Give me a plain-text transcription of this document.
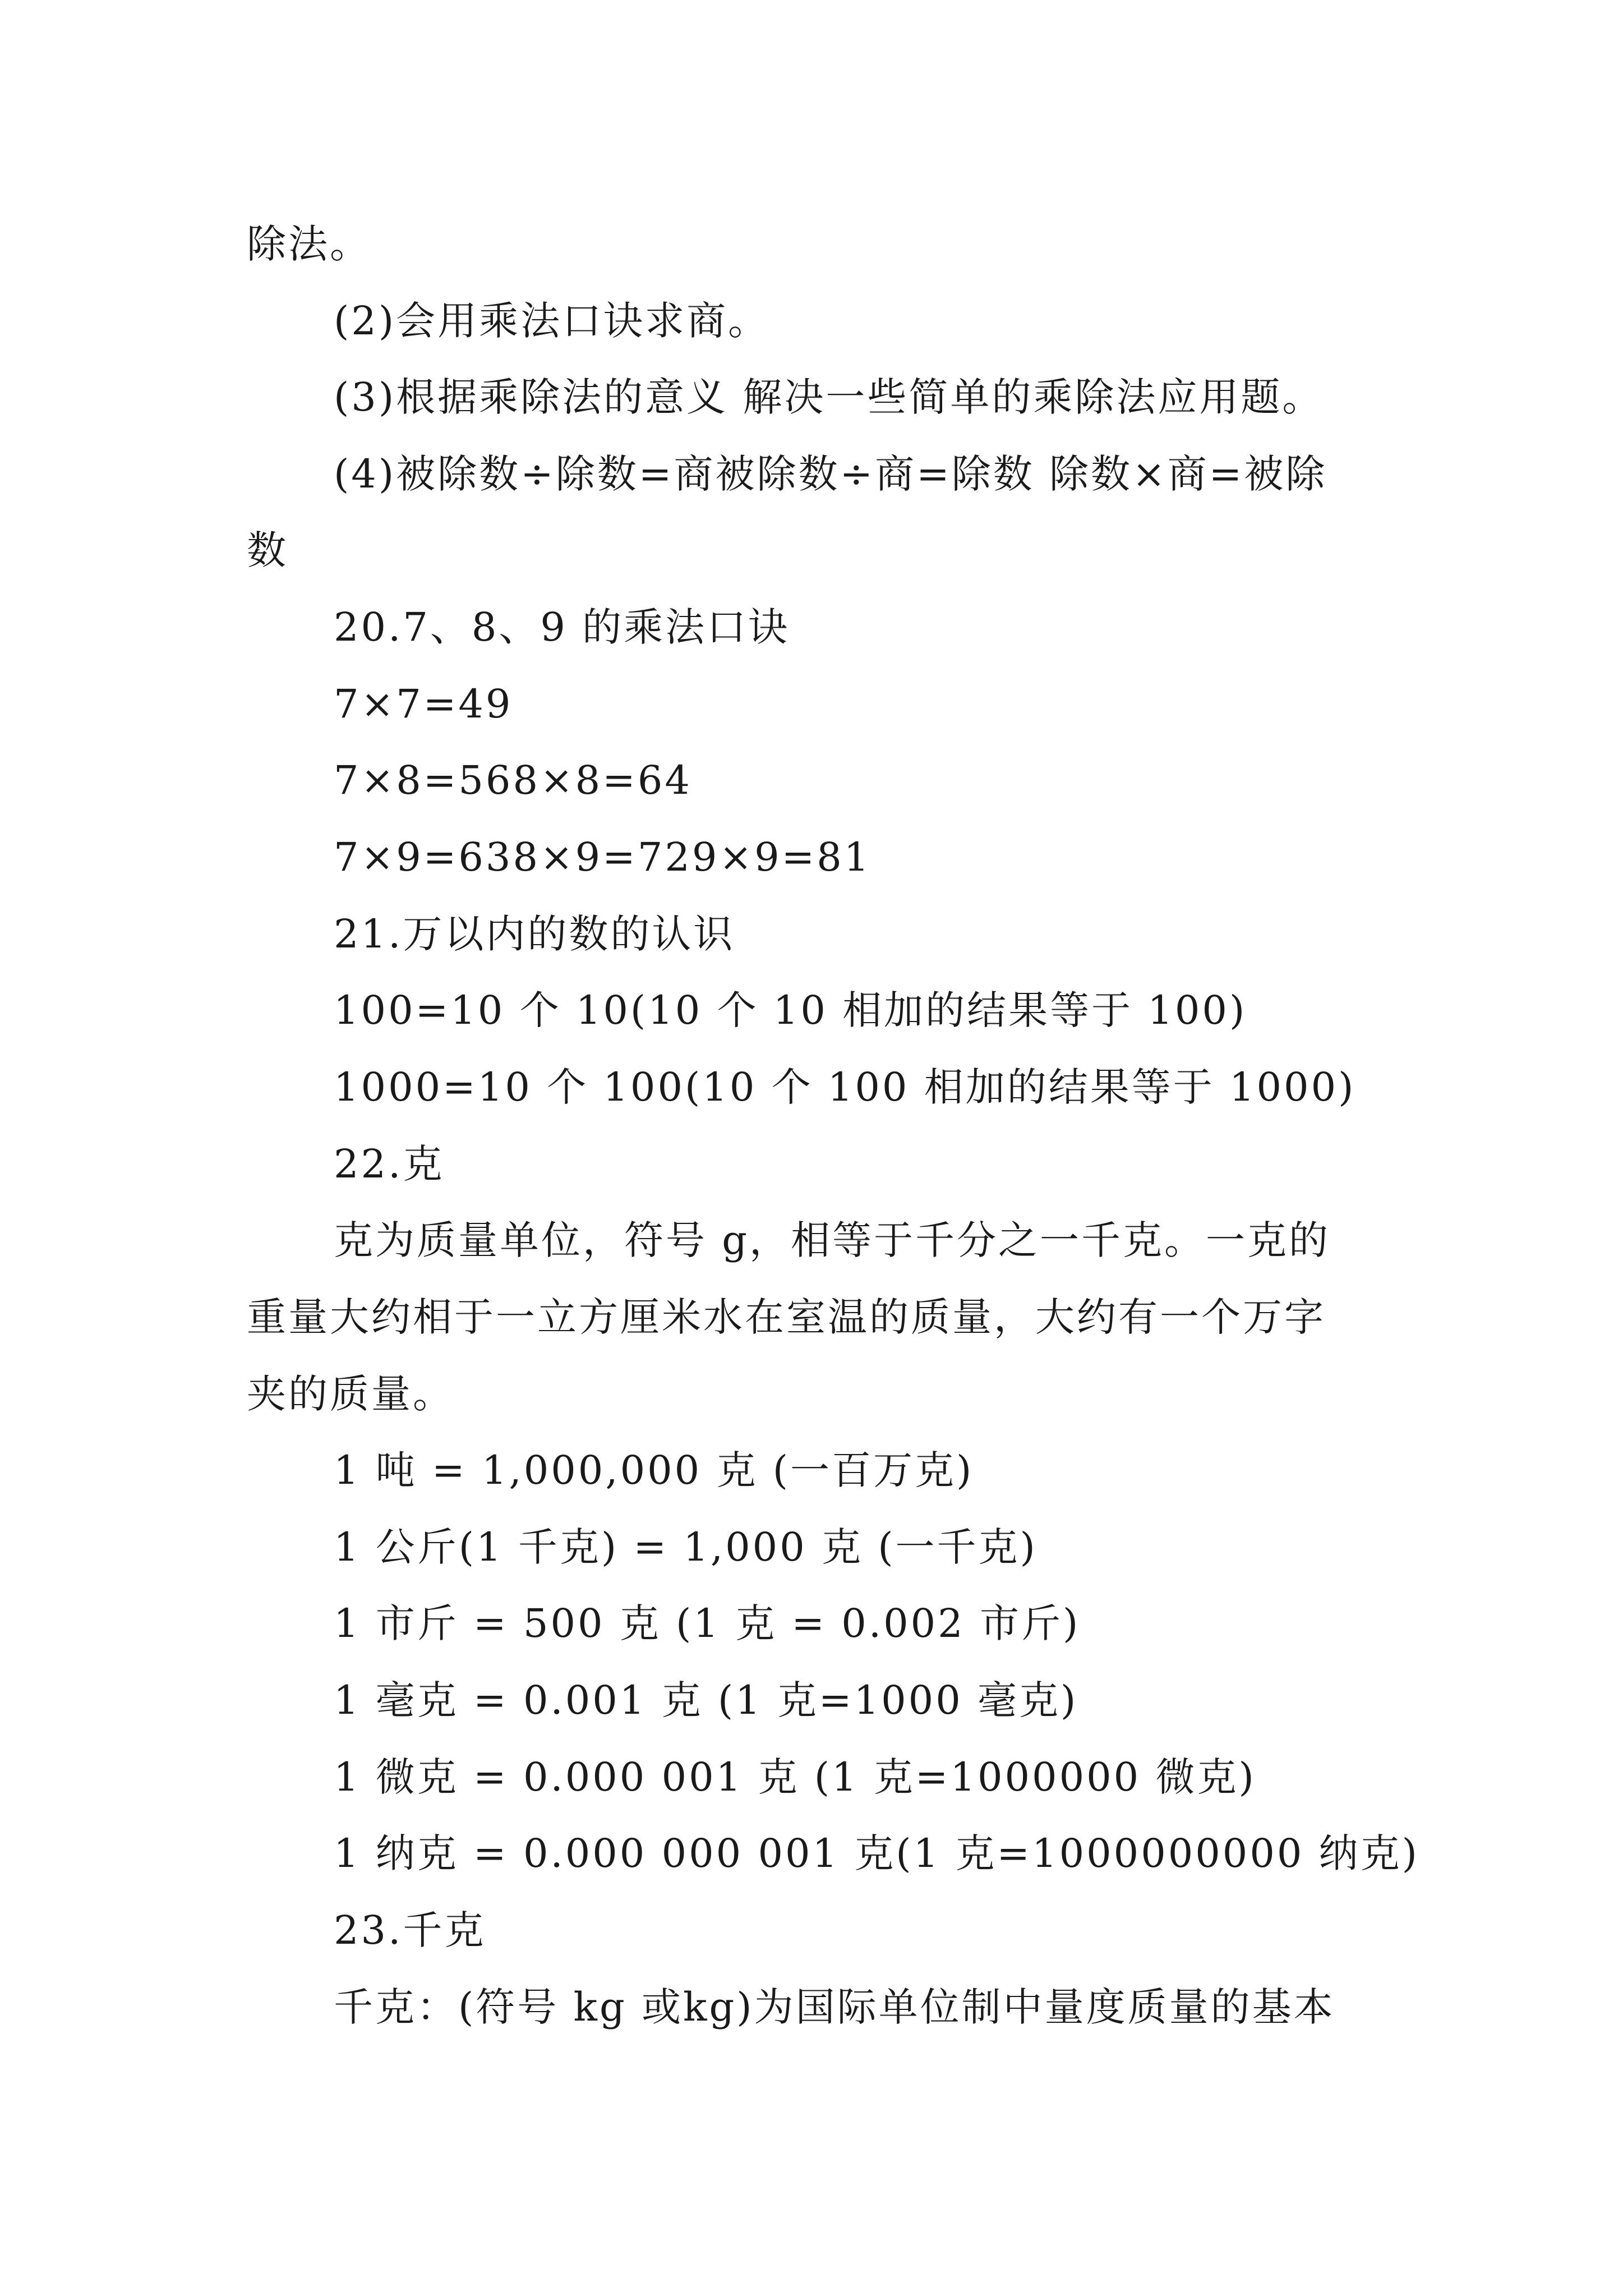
除法。
(2)会用乘法口诀求商。
(3)根据乘除法的意义 解决一些简单的乘除法应用题。
(4)被除数÷除数=商被除数÷商=除数 除数×商=被除
数
20.7、8、9 的乘法口诀
7×7=49
7×8=568×8=64
7×9=638×9=729×9=81
21.万以内的数的认识
100=10 个 10(10 个 10 相加的结果等于 100)
1000=10 个 100(10 个 100 相加的结果等于 1000)
22.克
克为质量单位，符号 g，相等于千分之一千克。一克的
重量大约相于一立方厘米水在室温的质量，大约有一个万字
夹的质量。
1 吨 = 1,000,000 克 (一百万克)
1 公斤(1 千克) = 1,000 克 (一千克)
1 市斤 = 500 克 (1 克 = 0.002 市斤)
1 毫克 = 0.001 克 (1 克=1000 毫克)
1 微克 = 0.000 001 克 (1 克=1000000 微克)
1 纳克 = 0.000 000 001 克(1 克=1000000000 纳克)
23.千克
千克：(符号 kg 或kg)为国际单位制中量度质量的基本
